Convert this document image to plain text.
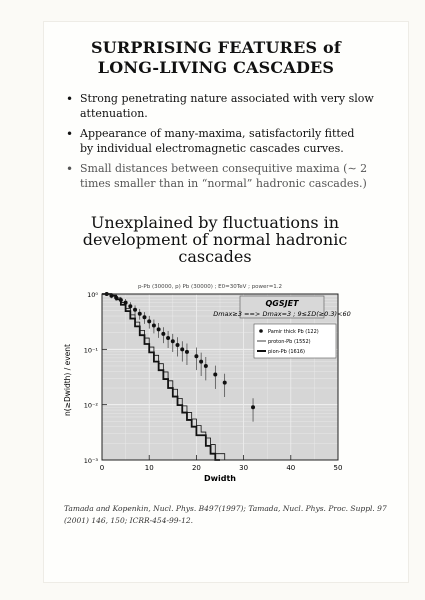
SURPRISING FEATURES of
LONG-LIVING CASCADES
• Strong penetrating nature associated with very slow
attenuation.
• Appearance of many-maxima, satisfactorily fitted
by individual electromagnetic cascades curves.
• Small distances between consequitive maxima (∼ 2
times smaller than in “normal” hadronic cascades.)
Unexplained by fluctuations in
development of normal hadronic
cascades
p-Pb (30000, p) Pb (30000) ; E0=30TeV ; power=1.2
0	10	20	30	40	50
10⁰
10⁻¹
10⁻²
10⁻³
QGSJET
Dmax≥3 ==> Dmax=3 ; 9≤ΣD(≥0.3)<60
Pamir thick Pb (122)
proton-Pb (1552)
pion-Pb (1616)
Dwidth
n(≥Dwidth) / event
Tamada and Kopenkin, Nucl. Phys. B497(1997); Tamada, Nucl. Phys. Proc. Suppl. 97
(2001) 146, 150; ICRR-454-99-12.
